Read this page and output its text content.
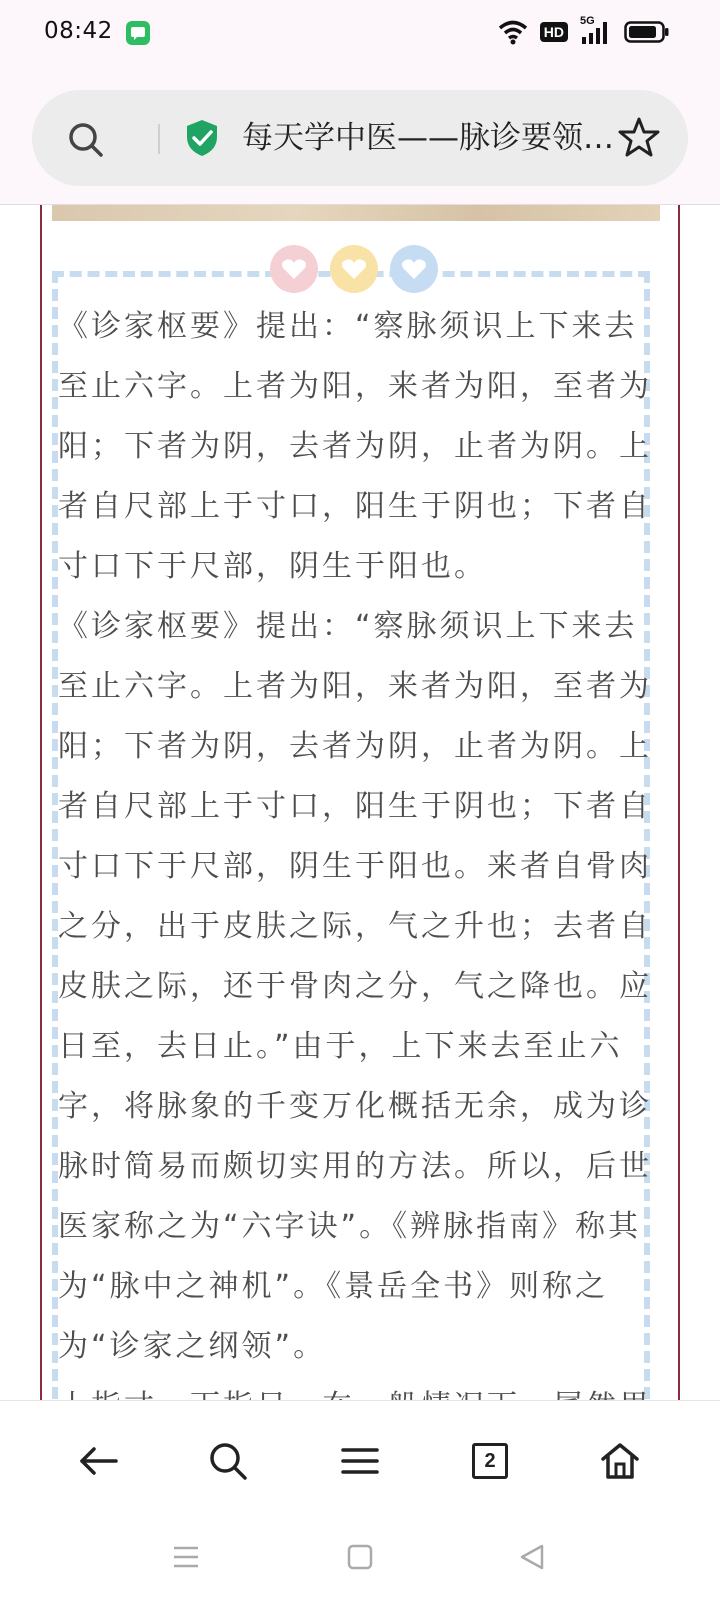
08:42	HD
5G
每天学中医——脉诊要领…

《诊家枢要》提出：“察脉须识上下来去至止六字。上者为阳，来者为阳，至者为阳；下者为阴，去者为阴，止者为阴。上者自尺部上于寸口，阳生于阴也；下者自寸口下于尺部，阴生于阳也。

《诊家枢要》提出：“察脉须识上下来去至止六字。上者为阳，来者为阳，至者为阳；下者为阴，去者为阴，止者为阴。上者自尺部上于寸口，阳生于阴也；下者自寸口下于尺部，阴生于阳也。来者自骨肉之分，出于皮肤之际，气之升也；去者自皮肤之际，还于骨肉之分，气之降也。应日至，去日止。”由于，上下来去至止六字，将脉象的千变万化概括无余，成为诊脉时简易而颇切实用的方法。所以，后世医家称之为“六字诀”。《辨脉指南》称其为“脉中之神机”。《景岳全书》则称之为“诊家之纲领”。

2
